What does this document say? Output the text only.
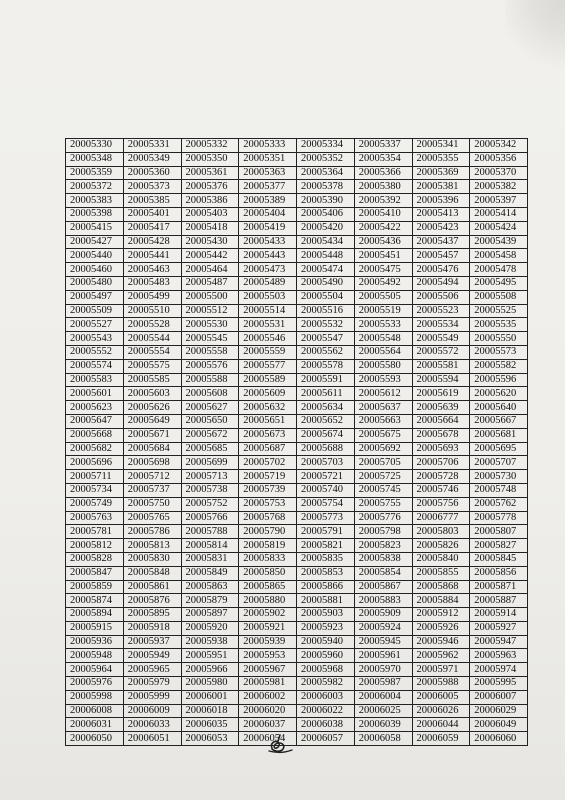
20005330	20005331	20005332	20005333	20005334	20005337	20005341	20005342
20005348	20005349	20005350	20005351	20005352	20005354	20005355	20005356
20005359	20005360	20005361	20005363	20005364	20005366	20005369	20005370
20005372	20005373	20005376	20005377	20005378	20005380	20005381	20005382
20005383	20005385	20005386	20005389	20005390	20005392	20005396	20005397
20005398	20005401	20005403	20005404	20005406	20005410	20005413	20005414
20005415	20005417	20005418	20005419	20005420	20005422	20005423	20005424
20005427	20005428	20005430	20005433	20005434	20005436	20005437	20005439
20005440	20005441	20005442	20005443	20005448	20005451	20005457	20005458
20005460	20005463	20005464	20005473	20005474	20005475	20005476	20005478
20005480	20005483	20005487	20005489	20005490	20005492	20005494	20005495
20005497	20005499	20005500	20005503	20005504	20005505	20005506	20005508
20005509	20005510	20005512	20005514	20005516	20005519	20005523	20005525
20005527	20005528	20005530	20005531	20005532	20005533	20005534	20005535
20005543	20005544	20005545	20005546	20005547	20005548	20005549	20005550
20005552	20005554	20005558	20005559	20005562	20005564	20005572	20005573
20005574	20005575	20005576	20005577	20005578	20005580	20005581	20005582
20005583	20005585	20005588	20005589	20005591	20005593	20005594	20005596
20005601	20005603	20005608	20005609	20005611	20005612	20005619	20005620
20005623	20005626	20005627	20005632	20005634	20005637	20005639	20005640
20005647	20005649	20005650	20005651	20005652	20005663	20005664	20005667
20005668	20005671	20005672	20005673	20005674	20005675	20005678	20005681
20005682	20005684	20005685	20005687	20005688	20005692	20005693	20005695
20005696	20005698	20005699	20005702	20005703	20005705	20005706	20005707
20005711	20005712	20005713	20005719	20005721	20005725	20005728	20005730
20005734	20005737	20005738	20005739	20005740	20005745	20005746	20005748
20005749	20005750	20005752	20005753	20005754	20005755	20005756	20005762
20005763	20005765	20005766	20005768	20005773	20005776	20006777	20005778
20005781	20005786	20005788	20005790	20005791	20005798	20005803	20005807
20005812	20005813	20005814	20005819	20005821	20005823	20005826	20005827
20005828	20005830	20005831	20005833	20005835	20005838	20005840	20005845
20005847	20005848	20005849	20005850	20005853	20005854	20005855	20005856
20005859	20005861	20005863	20005865	20005866	20005867	20005868	20005871
20005874	20005876	20005879	20005880	20005881	20005883	20005884	20005887
20005894	20005895	20005897	20005902	20005903	20005909	20005912	20005914
20005915	20005918	20005920	20005921	20005923	20005924	20005926	20005927
20005936	20005937	20005938	20005939	20005940	20005945	20005946	20005947
20005948	20005949	20005951	20005953	20005960	20005961	20005962	20005963
20005964	20005965	20005966	20005967	20005968	20005970	20005971	20005974
20005976	20005979	20005980	20005981	20005982	20005987	20005988	20005995
20005998	20005999	20006001	20006002	20006003	20006004	20006005	20006007
20006008	20006009	20006018	20006020	20006022	20006025	20006026	20006029
20006031	20006033	20006035	20006037	20006038	20006039	20006044	20006049
20006050	20006051	20006053	20006054	20006057	20006058	20006059	20006060
